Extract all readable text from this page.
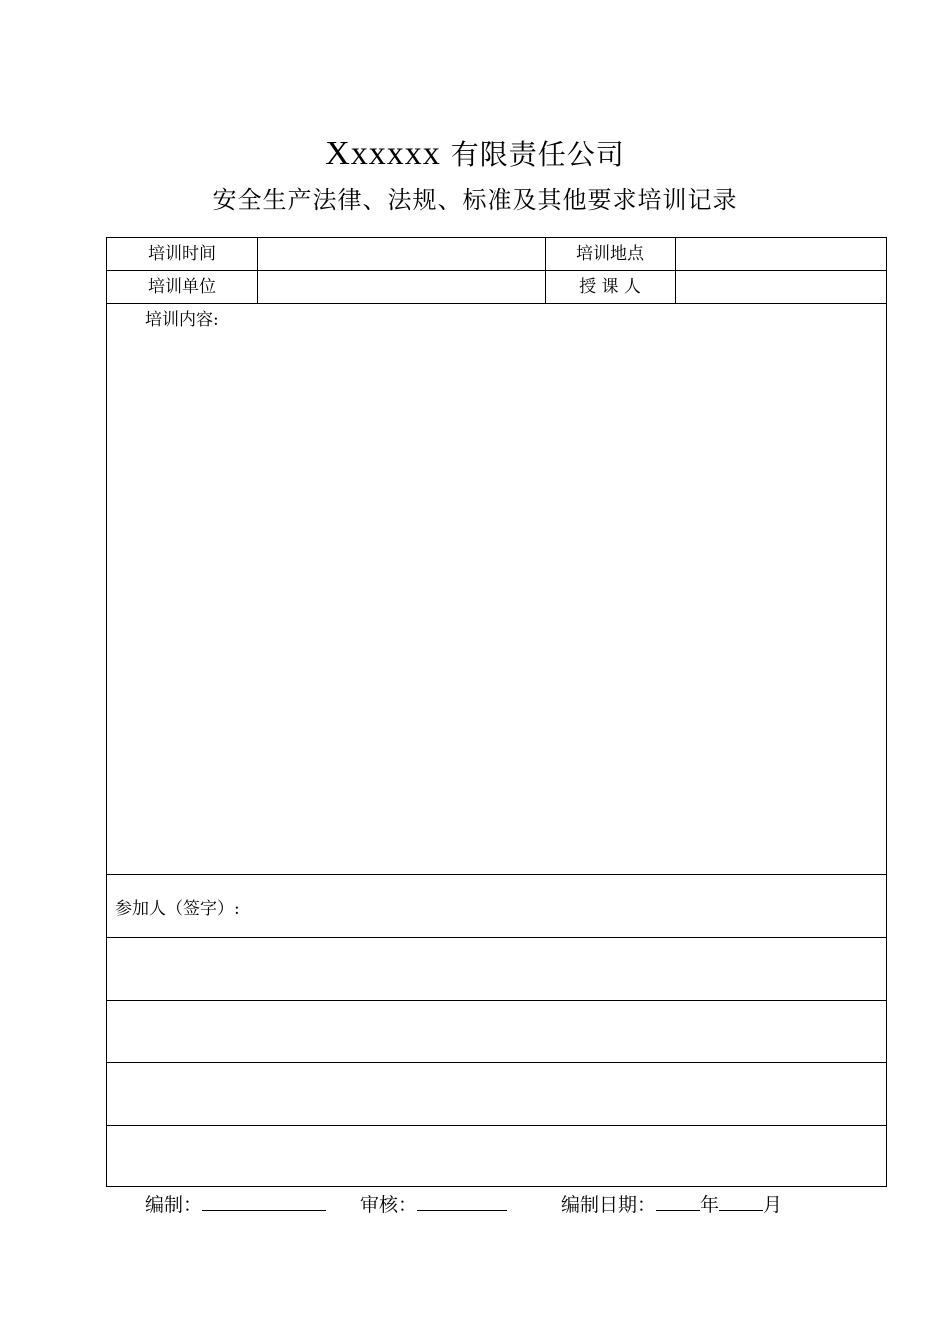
Xxxxxx 有限责任公司
安全生产法律、法规、标准及其他要求培训记录
培训时间	培训地点
培训单位	授 课 人
培训内容:
参加人（签字）:
编制：	审核：	编制日期： 年 月
